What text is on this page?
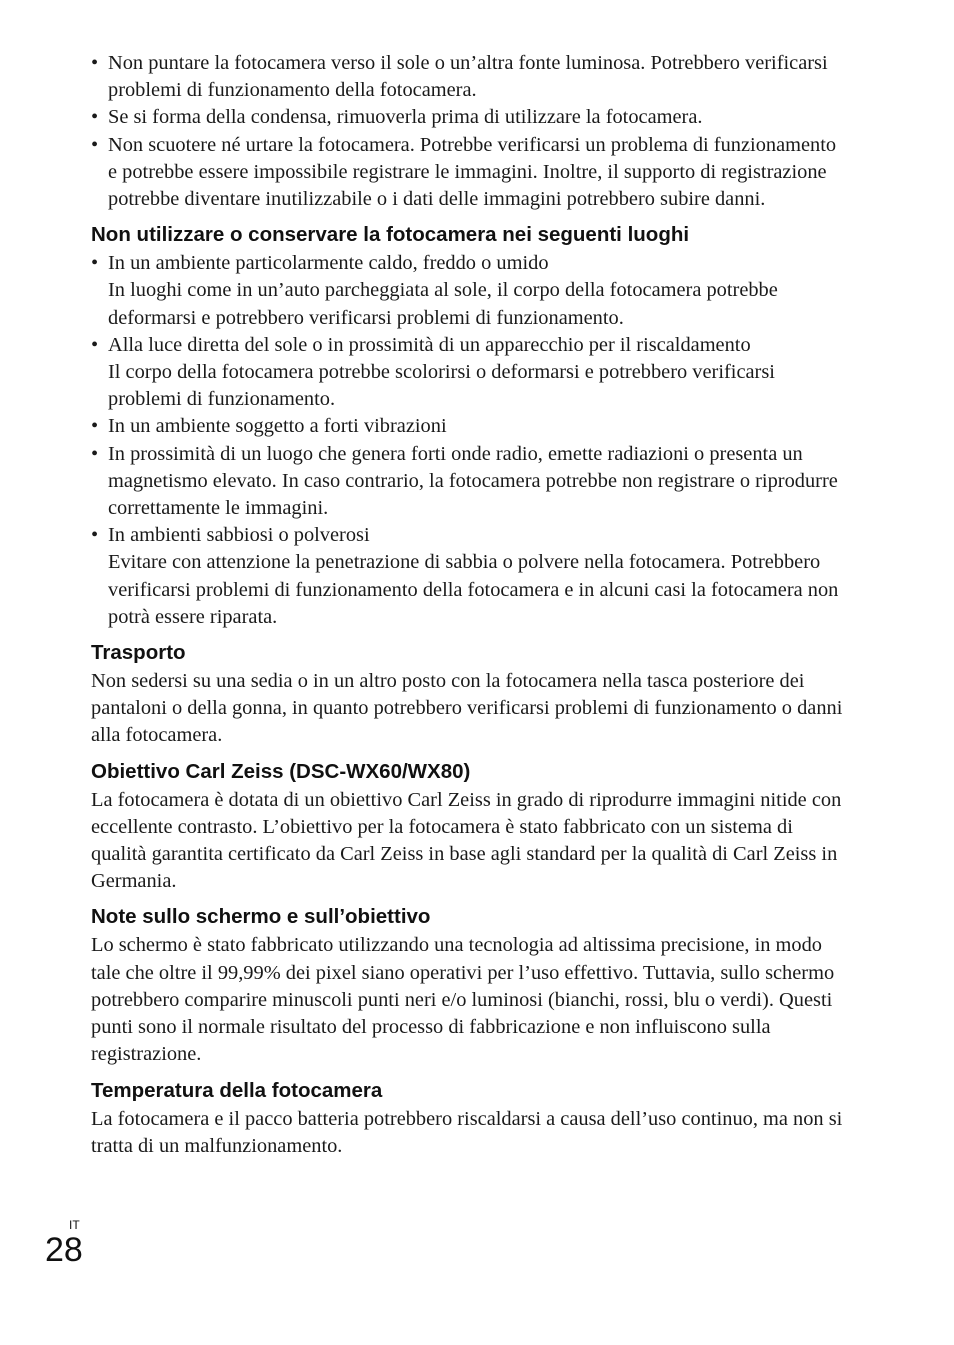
• Non puntare la fotocamera verso il sole o un’altra fonte luminosa. Potrebbero verificarsi problemi di funzionamento della fotocamera.
• Se si forma della condensa, rimuoverla prima di utilizzare la fotocamera.
• Non scuotere né urtare la fotocamera. Potrebbe verificarsi un problema di funzionamento e potrebbe essere impossibile registrare le immagini. Inoltre, il supporto di registrazione potrebbe diventare inutilizzabile o i dati delle immagini potrebbero subire danni.
Non utilizzare o conservare la fotocamera nei seguenti luoghi
• In un ambiente particolarmente caldo, freddo o umido
In luoghi come in un’auto parcheggiata al sole, il corpo della fotocamera potrebbe deformarsi e potrebbero verificarsi problemi di funzionamento.
• Alla luce diretta del sole o in prossimità di un apparecchio per il riscaldamento
Il corpo della fotocamera potrebbe scolorirsi o deformarsi e potrebbero verificarsi problemi di funzionamento.
• In un ambiente soggetto a forti vibrazioni
• In prossimità di un luogo che genera forti onde radio, emette radiazioni o presenta un magnetismo elevato. In caso contrario, la fotocamera potrebbe non registrare o riprodurre correttamente le immagini.
• In ambienti sabbiosi o polverosi
Evitare con attenzione la penetrazione di sabbia o polvere nella fotocamera. Potrebbero verificarsi problemi di funzionamento della fotocamera e in alcuni casi la fotocamera non potrà essere riparata.
Trasporto

Non sedersi su una sedia o in un altro posto con la fotocamera nella tasca posteriore dei pantaloni o della gonna, in quanto potrebbero verificarsi problemi di funzionamento o danni alla fotocamera.

Obiettivo Carl Zeiss (DSC-WX60/WX80)

La fotocamera è dotata di un obiettivo Carl Zeiss in grado di riprodurre immagini nitide con eccellente contrasto. L’obiettivo per la fotocamera è stato fabbricato con un sistema di qualità garantita certificato da Carl Zeiss in base agli standard per la qualità di Carl Zeiss in Germania.

Note sullo schermo e sull’obiettivo

Lo schermo è stato fabbricato utilizzando una tecnologia ad altissima precisione, in modo tale che oltre il 99,99% dei pixel siano operativi per l’uso effettivo. Tuttavia, sullo schermo potrebbero comparire minuscoli punti neri e/o luminosi (bianchi, rossi, blu o verdi). Questi punti sono il normale risultato del processo di fabbricazione e non influiscono sulla registrazione.

Temperatura della fotocamera

La fotocamera e il pacco batteria potrebbero riscaldarsi a causa dell’uso continuo, ma non si tratta di un malfunzionamento.

IT
28
